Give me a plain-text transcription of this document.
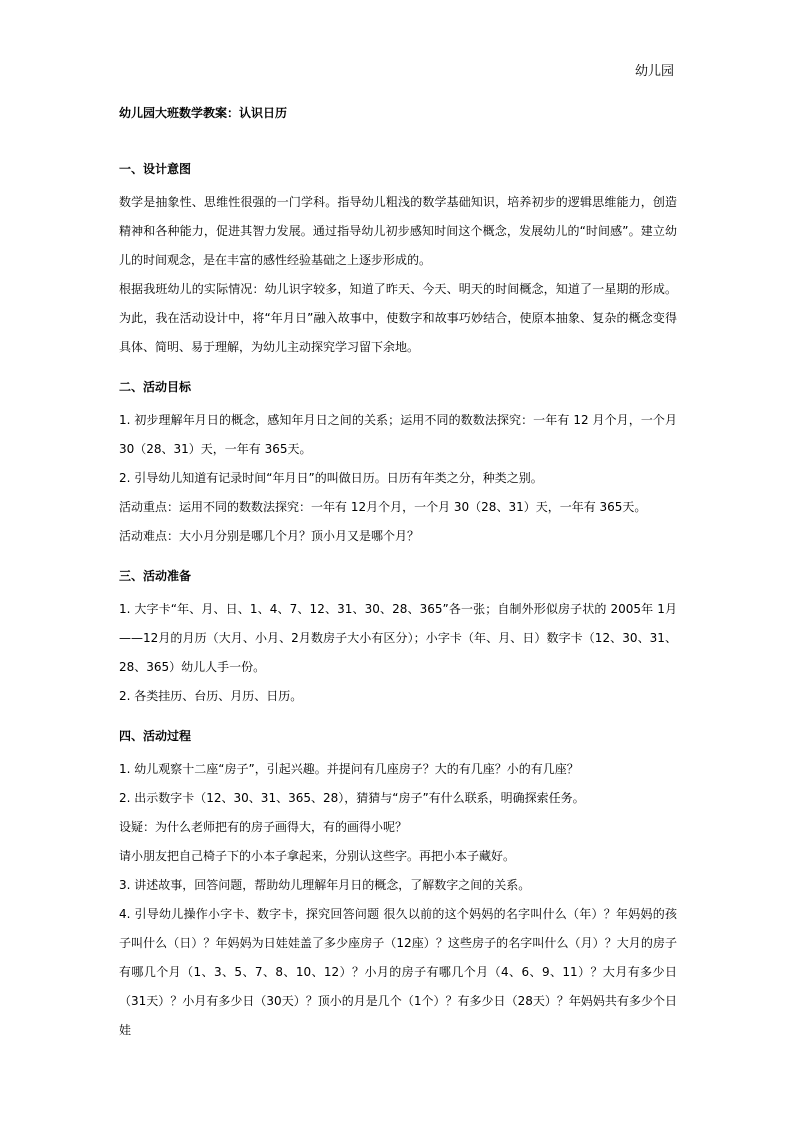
幼儿园
幼儿园大班数学教案：认识日历
一、设计意图

数学是抽象性、思维性很强的一门学科。指导幼儿粗浅的数学基础知识，培养初步的逻辑思维能力，创造精神和各种能力，促进其智力发展。通过指导幼儿初步感知时间这个概念，发展幼儿的“时间感”。建立幼儿的时间观念，是在丰富的感性经验基础之上逐步形成的。

根据我班幼儿的实际情况：幼儿识字较多，知道了昨天、今天、明天的时间概念，知道了一星期的形成。为此，我在活动设计中，将“年月日”融入故事中，使数字和故事巧妙结合，使原本抽象、复杂的概念变得具体、简明、易于理解，为幼儿主动探究学习留下余地。

二、活动目标

1. 初步理解年月日的概念，感知年月日之间的关系；运用不同的数数法探究：一年有 12 月个月，一个月 30（28、31）天，一年有 365天。

2. 引导幼儿知道有记录时间“年月日”的叫做日历。日历有年类之分，种类之别。

活动重点：运用不同的数数法探究：一年有 12月个月，一个月 30（28、31）天，一年有 365天。

活动难点：大小月分别是哪几个月？顶小月又是哪个月？

三、活动准备

1. 大字卡“年、月、日、1、4、7、12、31、30、28、365”各一张；自制外形似房子状的 2005年 1月——12月的月历（大月、小月、2月数房子大小有区分）；小字卡（年、月、日）数字卡（12、30、31、28、365）幼儿人手一份。

2. 各类挂历、台历、月历、日历。

四、活动过程

1. 幼儿观察十二座“房子”，引起兴趣。并提问有几座房子？大的有几座？小的有几座？

2. 出示数字卡（12、30、31、365、28），猜猜与“房子”有什么联系，明确探索任务。

设疑：为什么老师把有的房子画得大，有的画得小呢？

请小朋友把自己椅子下的小本子拿起来，分别认这些字。再把小本子藏好。

3. 讲述故事，回答问题，帮助幼儿理解年月日的概念，了解数字之间的关系。

4. 引导幼儿操作小字卡、数字卡，探究回答问题 很久以前的这个妈妈的名字叫什么（年）？年妈妈的孩子叫什么（日）？年妈妈为日娃娃盖了多少座房子（12座）？这些房子的名字叫什么（月）？大月的房子有哪几个月（1、3、5、7、8、10、12）？小月的房子有哪几个月（4、6、9、11）？大月有多少日（31天）？小月有多少日（30天）？顶小的月是几个（1个）？有多少日（28天）？年妈妈共有多少个日娃
